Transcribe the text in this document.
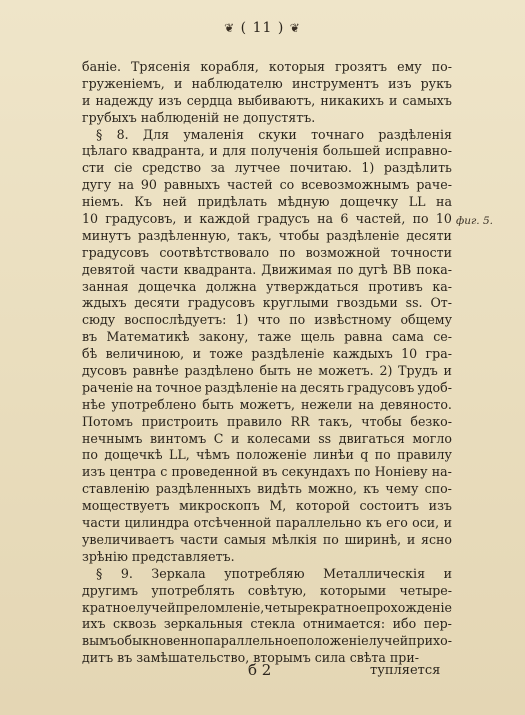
❦ ( 11 ) ❦
баніе. Трясенія корабля, которыя грозятъ ему по-
груженіемъ, и наблюдателю инструментъ изъ рукъ
и надежду изъ сердца выбиваютъ, никакихъ и самыхъ
грубыхъ наблюденій не допустятъ.
§ 8. Для умаленія скуки точнаго раздѣленія
цѣлаго квадранта, и для полученія большей исправно-
сти сіе средство за лутчее почитаю. 1) раздѣлить
дугу на 90 равныхъ частей со всевозможнымъ раче-
ніемъ. Къ ней придѣлать мѣдную дощечку LL на
10 градусовъ, и каждой градусъ на 6 частей, по 10
минутъ раздѣленную, такъ, чтобы раздѣленіе десяти
градусовъ соотвѣтствовало по возможной точности
девятой части квадранта. Движимая по дугѣ ВВ пока-
занная дощечка должна утверждаться противъ ка-
ждыхъ десяти градусовъ круглыми гвоздьми ss. От-
сюду воспослѣдуетъ: 1) что по извѣстному общему
въ Математикѣ закону, таже щель равна сама се-
бѣ величиною, и тоже раздѣленіе каждыхъ 10 гра-
дусовъ равнѣе раздѣлено быть не можетъ. 2) Трудъ и
раченіе на точное раздѣленіе на десять градусовъ удоб-
нѣе употреблено быть можетъ, нежели на девяносто.
Потомъ пристроить правило RR такъ, чтобы безко-
нечнымъ винтомъ С и колесами ss двигаться могло
по дощечкѣ LL, чѣмъ положеніе линѣи q по правилу
изъ центра с проведенной въ секундахъ по Ноніеву на-
ставленію раздѣленныхъ видѣть можно, къ чему спо-
моществуетъ микроскопъ М, которой состоитъ изъ
части цилиндра отсѣченной параллельно къ его оси, и
увеличиваетъ части самыя мѣлкія по ширинѣ, и ясно
зрѣнію представляетъ.
§ 9. Зеркала употребляю Металлическія и
другимъ употреблять совѣтую, которыми четыре-
кратное лучей преломленіе, четырекратное прохожденіе
ихъ сквозь зеркальныя стекла отнимается: ибо пер-
вымъ обыкновенно параллельное положеніе лучей прихо-
дитъ въ замѣшательство, вторымъ сила свѣта при-
фиг. 5.
б 2	тупляется
